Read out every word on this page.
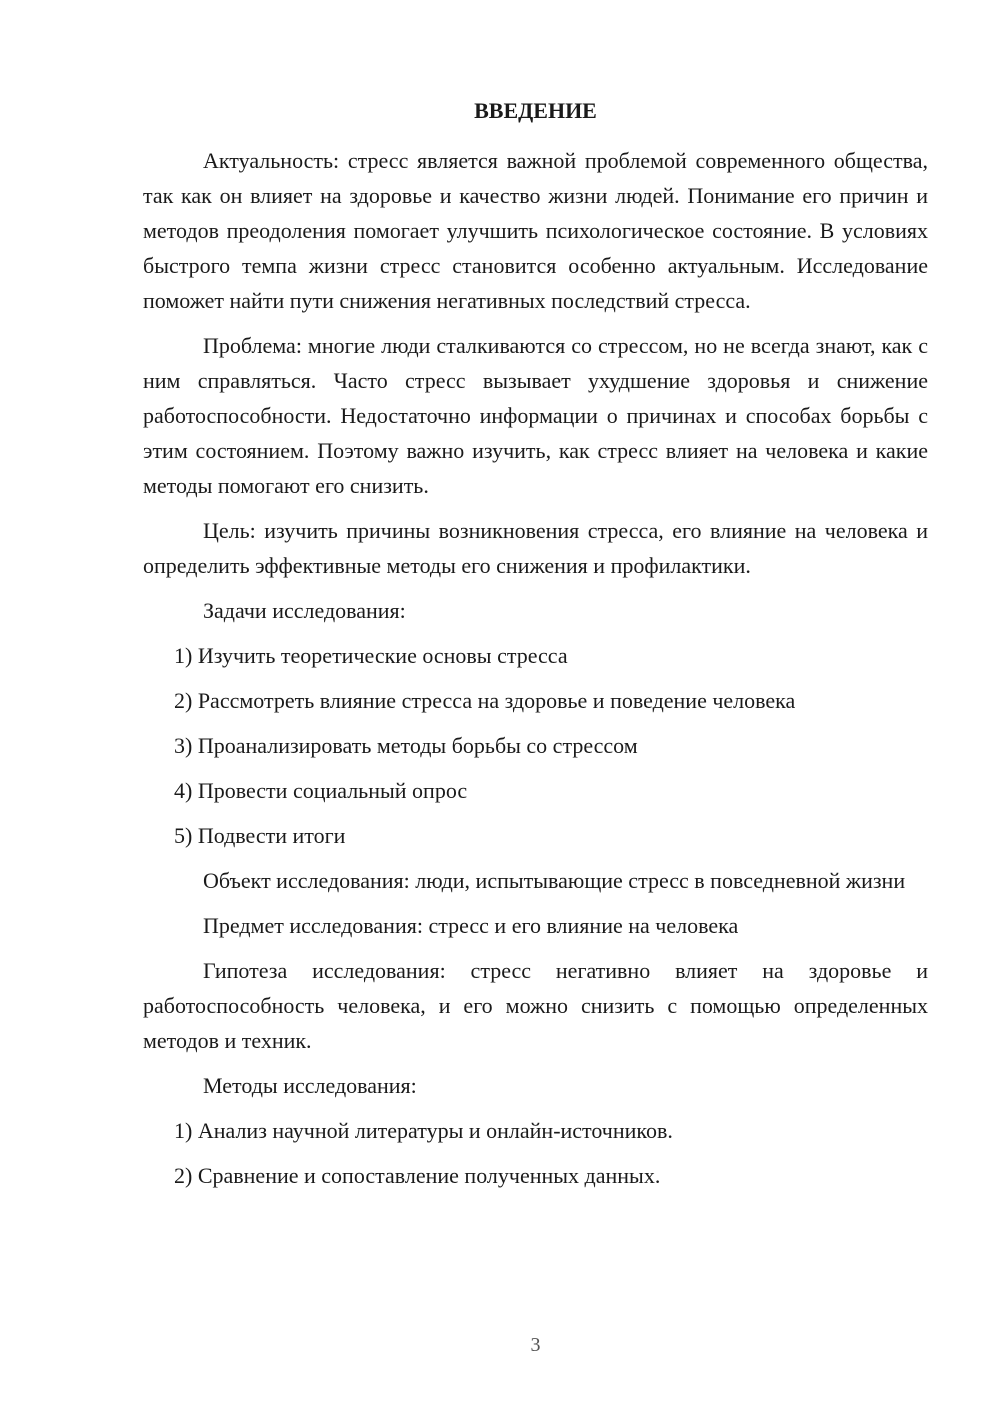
ВВЕДЕНИЕ

Актуальность: стресс является важной проблемой современного общества, так как он влияет на здоровье и качество жизни людей. Понимание его причин и методов преодоления помогает улучшить психологическое состояние. В условиях быстрого темпа жизни стресс становится особенно актуальным. Исследование поможет найти пути снижения негативных последствий стресса.

Проблема: многие люди сталкиваются со стрессом, но не всегда знают, как с ним справляться. Часто стресс вызывает ухудшение здоровья и снижение работоспособности. Недостаточно информации о причинах и способах борьбы с этим состоянием. Поэтому важно изучить, как стресс влияет на человека и какие методы помогают его снизить.

Цель: изучить причины возникновения стресса, его влияние на человека и определить эффективные методы его снижения и профилактики.

Задачи исследования:

1) Изучить теоретические основы стресса

2) Рассмотреть влияние стресса на здоровье и поведение человека

3) Проанализировать методы борьбы со стрессом

4) Провести социальный опрос

5) Подвести итоги

Объект исследования: люди, испытывающие стресс в повседневной жизни

Предмет исследования: стресс и его влияние на человека

Гипотеза исследования: стресс негативно влияет на здоровье и работоспособность человека, и его можно снизить с помощью определенных методов и техник.

Методы исследования:

1) Анализ научной литературы и онлайн-источников.

2) Сравнение и сопоставление полученных данных.

3
